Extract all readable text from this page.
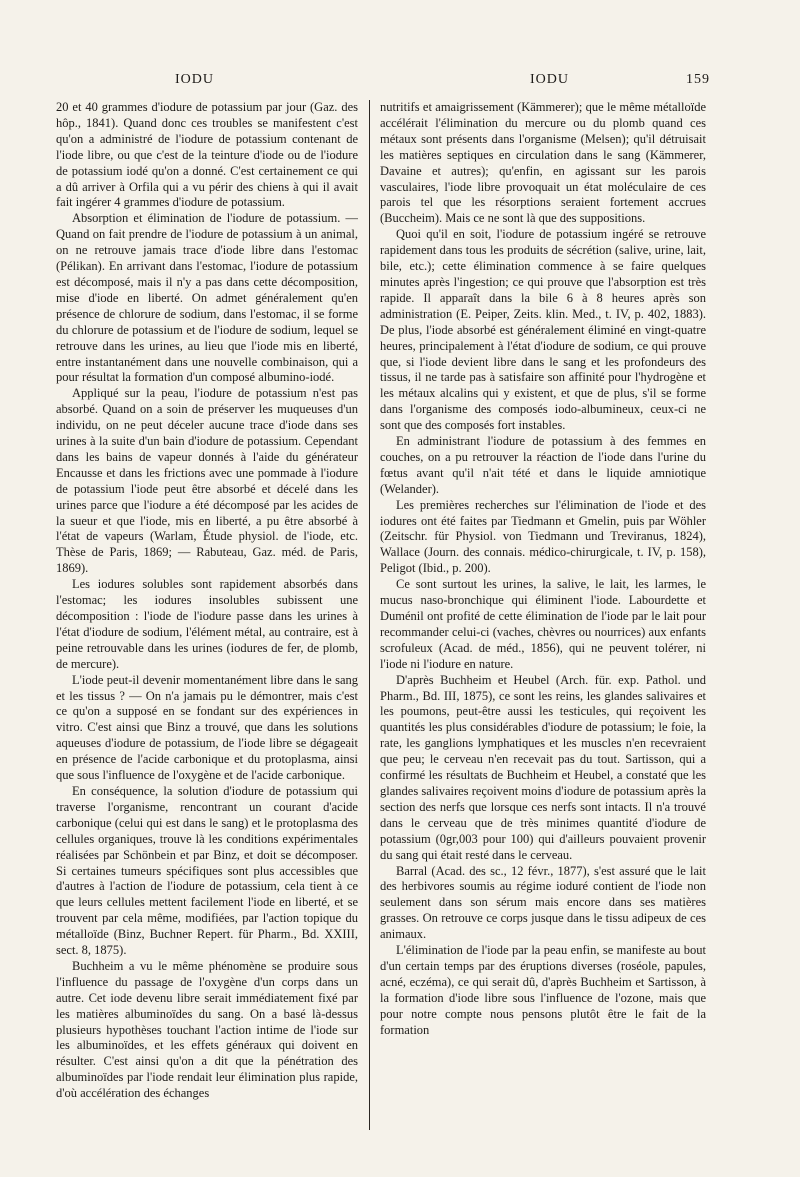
IODU	IODU	159

20 et 40 grammes d'iodure de potassium par jour (Gaz. des hôp., 1841). Quand donc ces troubles se manifestent c'est qu'on a administré de l'iodure de potassium contenant de l'iode libre, ou que c'est de la teinture d'iode ou de l'iodure de potassium iodé qu'on a donné. C'est certainement ce qui a dû arriver à Orfila qui a vu périr des chiens à qui il avait fait ingérer 4 grammes d'iodure de potassium.

Absorption et élimination de l'iodure de potassium. — Quand on fait prendre de l'iodure de potassium à un animal, on ne retrouve jamais trace d'iode libre dans l'estomac (Pélikan). En arrivant dans l'estomac, l'iodure de potassium est décomposé, mais il n'y a pas dans cette décomposition, mise d'iode en liberté. On admet généralement qu'en présence de chlorure de sodium, dans l'estomac, il se forme du chlorure de potassium et de l'iodure de sodium, lequel se retrouve dans les urines, au lieu que l'iode mis en liberté, entre instantanément dans une nouvelle combinaison, qui a pour résultat la formation d'un composé albumino-iodé.

Appliqué sur la peau, l'iodure de potassium n'est pas absorbé. Quand on a soin de préserver les muqueuses d'un individu, on ne peut déceler aucune trace d'iode dans ses urines à la suite d'un bain d'iodure de potassium. Cependant dans les bains de vapeur donnés à l'aide du générateur Encausse et dans les frictions avec une pommade à l'iodure de potassium l'iode peut être absorbé et décelé dans les urines parce que l'iodure a été décomposé par les acides de la sueur et que l'iode, mis en liberté, a pu être absorbé à l'état de vapeurs (Warlam, Étude physiol. de l'iode, etc. Thèse de Paris, 1869; — Rabuteau, Gaz. méd. de Paris, 1869).

Les iodures solubles sont rapidement absorbés dans l'estomac; les iodures insolubles subissent une décomposition : l'iode de l'iodure passe dans les urines à l'état d'iodure de sodium, l'élément métal, au contraire, est à peine retrouvable dans les urines (iodures de fer, de plomb, de mercure).

L'iode peut-il devenir momentanément libre dans le sang et les tissus ? — On n'a jamais pu le démontrer, mais c'est ce qu'on a supposé en se fondant sur des expériences in vitro. C'est ainsi que Binz a trouvé, que dans les solutions aqueuses d'iodure de potassium, de l'iode libre se dégageait en présence de l'acide carbonique et du protoplasma, ainsi que sous l'influence de l'oxygène et de l'acide carbonique.

En conséquence, la solution d'iodure de potassium qui traverse l'organisme, rencontrant un courant d'acide carbonique (celui qui est dans le sang) et le protoplasma des cellules organiques, trouve là les conditions expérimentales réalisées par Schönbein et par Binz, et doit se décomposer. Si certaines tumeurs spécifiques sont plus accessibles que d'autres à l'action de l'iodure de potassium, cela tient à ce que leurs cellules mettent facilement l'iode en liberté, et se trouvent par cela même, modifiées, par l'action topique du métalloïde (Binz, Buchner Repert. für Pharm., Bd. XXIII, sect. 8, 1875).

Buchheim a vu le même phénomène se produire sous l'influence du passage de l'oxygène d'un corps dans un autre. Cet iode devenu libre serait immédiatement fixé par les matières albuminoïdes du sang. On a basé là-dessus plusieurs hypothèses touchant l'action intime de l'iode sur les albuminoïdes, et les effets généraux qui doivent en résulter. C'est ainsi qu'on a dit que la pénétration des albuminoïdes par l'iode rendait leur élimination plus rapide, d'où accélération des échanges

nutritifs et amaigrissement (Kämmerer); que le même métalloïde accélérait l'élimination du mercure ou du plomb quand ces métaux sont présents dans l'organisme (Melsen); qu'il détruisait les matières septiques en circulation dans le sang (Kämmerer, Davaine et autres); qu'enfin, en agissant sur les parois vasculaires, l'iode libre provoquait un état moléculaire de ces parois tel que les résorptions seraient fortement accrues (Buccheim). Mais ce ne sont là que des suppositions.

Quoi qu'il en soit, l'iodure de potassium ingéré se retrouve rapidement dans tous les produits de sécrétion (salive, urine, lait, bile, etc.); cette élimination commence à se faire quelques minutes après l'ingestion; ce qui prouve que l'absorption est très rapide. Il apparaît dans la bile 6 à 8 heures après son administration (E. Peiper, Zeits. klin. Med., t. IV, p. 402, 1883). De plus, l'iode absorbé est généralement éliminé en vingt-quatre heures, principalement à l'état d'iodure de sodium, ce qui prouve que, si l'iode devient libre dans le sang et les profondeurs des tissus, il ne tarde pas à satisfaire son affinité pour l'hydrogène et les métaux alcalins qui y existent, et que de plus, s'il se forme dans l'organisme des composés iodo-albumineux, ceux-ci ne sont que des composés fort instables.

En administrant l'iodure de potassium à des femmes en couches, on a pu retrouver la réaction de l'iode dans l'urine du fœtus avant qu'il n'ait tété et dans le liquide amniotique (Welander).

Les premières recherches sur l'élimination de l'iode et des iodures ont été faites par Tiedmann et Gmelin, puis par Wöhler (Zeitschr. für Physiol. von Tiedmann und Treviranus, 1824), Wallace (Journ. des connais. médico-chirurgicale, t. IV, p. 158), Peligot (Ibid., p. 200).

Ce sont surtout les urines, la salive, le lait, les larmes, le mucus naso-bronchique qui éliminent l'iode. Labourdette et Duménil ont profité de cette élimination de l'iode par le lait pour recommander celui-ci (vaches, chèvres ou nourrices) aux enfants scrofuleux (Acad. de méd., 1856), qui ne peuvent tolérer, ni l'iode ni l'iodure en nature.

D'après Buchheim et Heubel (Arch. für. exp. Pathol. und Pharm., Bd. III, 1875), ce sont les reins, les glandes salivaires et les poumons, peut-être aussi les testicules, qui reçoivent les quantités les plus considérables d'iodure de potassium; le foie, la rate, les ganglions lymphatiques et les muscles n'en recevraient que peu; le cerveau n'en recevait pas du tout. Sartisson, qui a confirmé les résultats de Buchheim et Heubel, a constaté que les glandes salivaires reçoivent moins d'iodure de potassium après la section des nerfs que lorsque ces nerfs sont intacts. Il n'a trouvé dans le cerveau que de très minimes quantité d'iodure de potassium (0gr,003 pour 100) qui d'ailleurs pouvaient provenir du sang qui était resté dans le cerveau.

Barral (Acad. des sc., 12 févr., 1877), s'est assuré que le lait des herbivores soumis au régime ioduré contient de l'iode non seulement dans son sérum mais encore dans ses matières grasses. On retrouve ce corps jusque dans le tissu adipeux de ces animaux.

L'élimination de l'iode par la peau enfin, se manifeste au bout d'un certain temps par des éruptions diverses (roséole, papules, acné, eczéma), ce qui serait dû, d'après Buchheim et Sartisson, à la formation d'iode libre sous l'influence de l'ozone, mais que pour notre compte nous pensons plutôt être le fait de la formation
